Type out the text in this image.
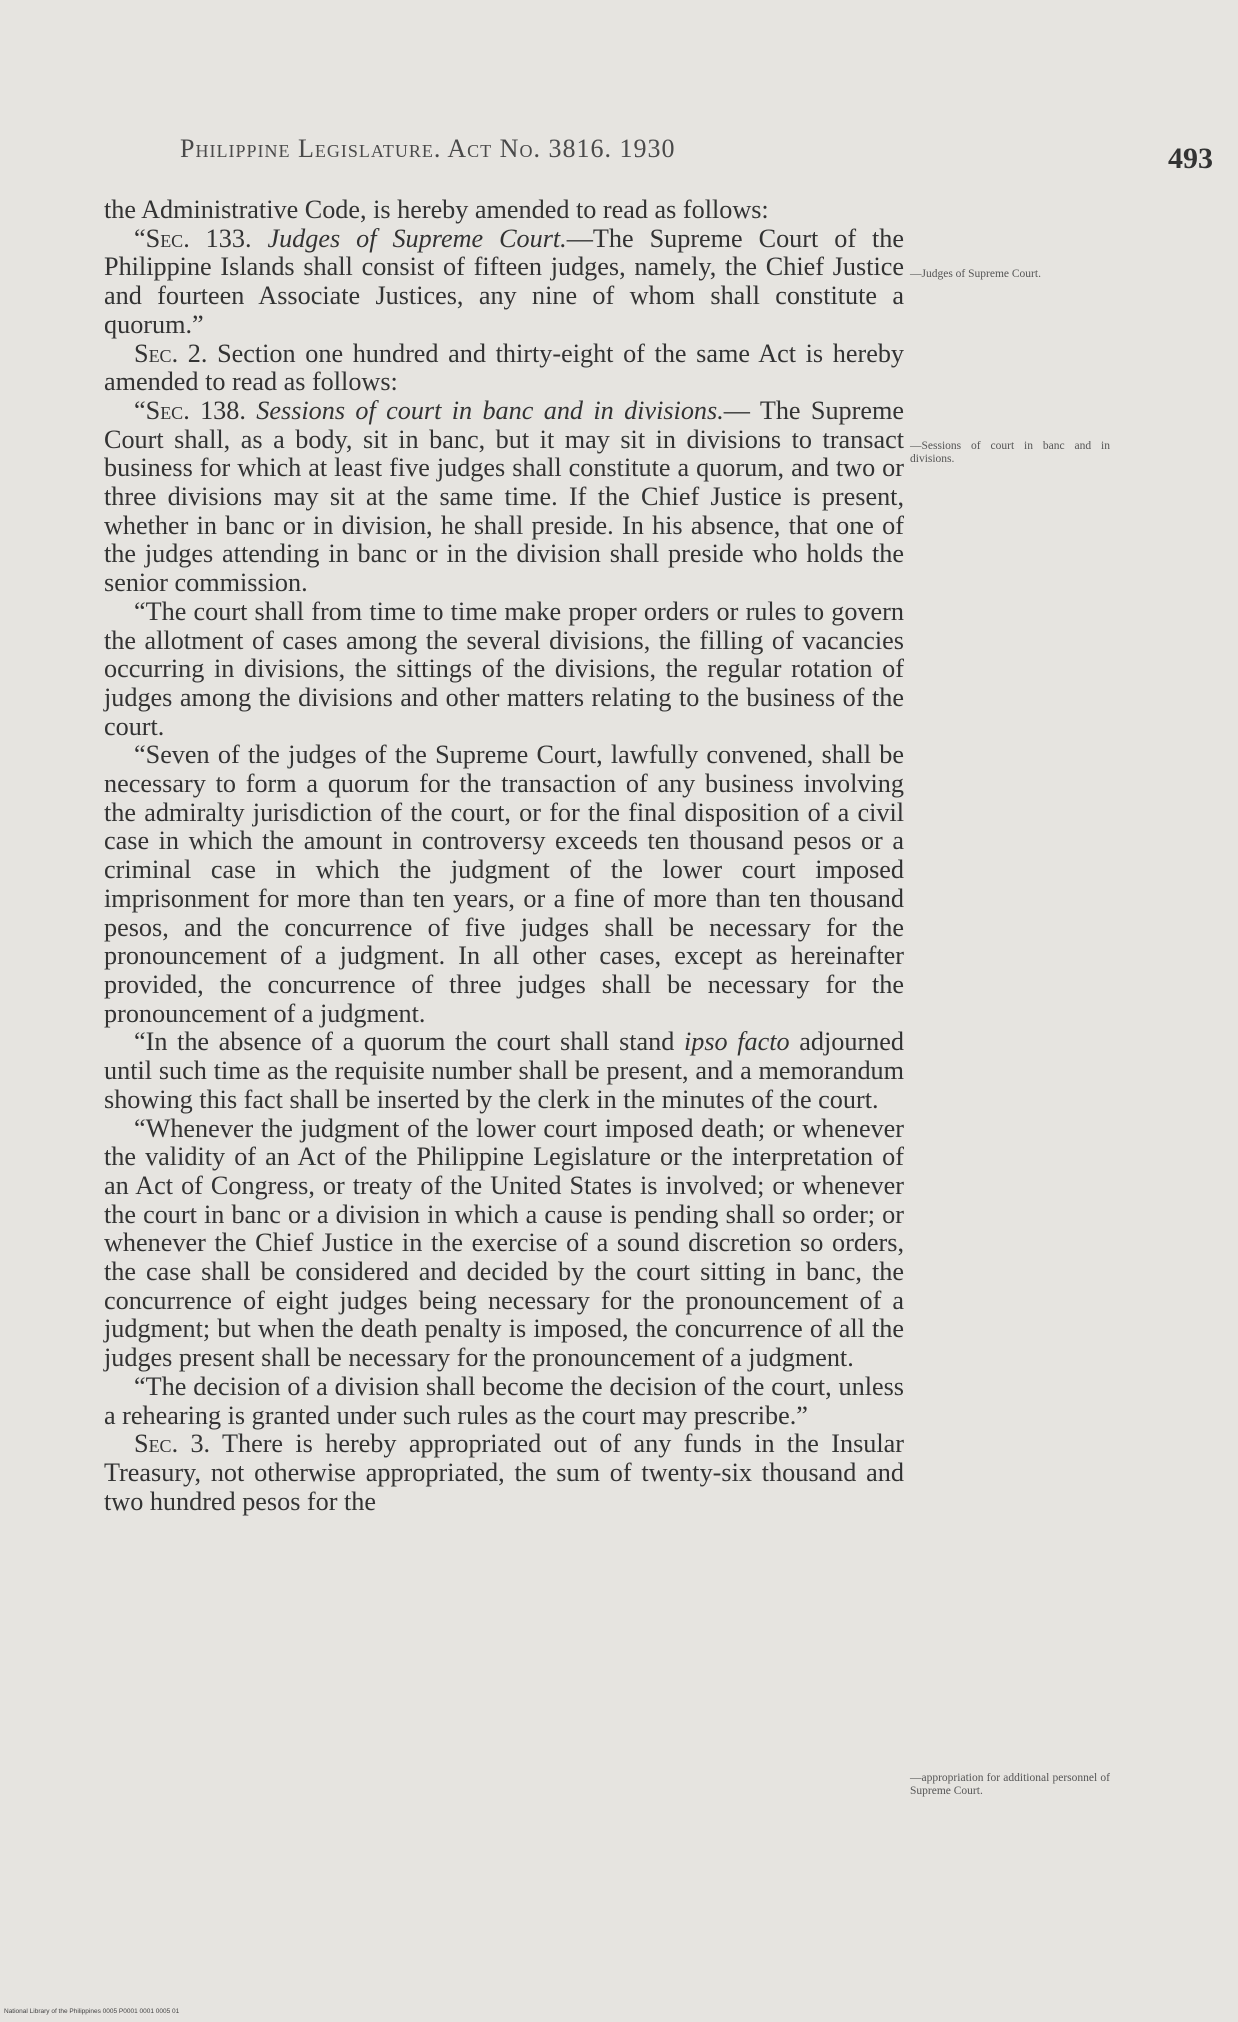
Philippine Legislature. Act No. 3816. 1930	493

the Administrative Code, is hereby amended to read as follows:

“Sec. 133. Judges of Supreme Court.—The Supreme Court of the Philippine Islands shall consist of fifteen judges, namely, the Chief Justice and fourteen Associate Justices, any nine of whom shall constitute a quorum.”

Sec. 2. Section one hundred and thirty-eight of the same Act is hereby amended to read as follows:

“Sec. 138. Sessions of court in banc and in divisions.— The Supreme Court shall, as a body, sit in banc, but it may sit in divisions to transact business for which at least five judges shall constitute a quorum, and two or three divisions may sit at the same time. If the Chief Justice is present, whether in banc or in division, he shall preside. In his absence, that one of the judges attending in banc or in the division shall preside who holds the senior commission.

“The court shall from time to time make proper orders or rules to govern the allotment of cases among the several divisions, the filling of vacancies occurring in divisions, the sittings of the divisions, the regular rotation of judges among the divisions and other matters relating to the business of the court.

“Seven of the judges of the Supreme Court, lawfully convened, shall be necessary to form a quorum for the transaction of any business involving the admiralty jurisdiction of the court, or for the final disposition of a civil case in which the amount in controversy exceeds ten thousand pesos or a criminal case in which the judgment of the lower court imposed imprisonment for more than ten years, or a fine of more than ten thousand pesos, and the concurrence of five judges shall be necessary for the pronouncement of a judgment. In all other cases, except as hereinafter provided, the concurrence of three judges shall be necessary for the pronouncement of a judgment.

“In the absence of a quorum the court shall stand ipso facto adjourned until such time as the requisite number shall be present, and a memorandum showing this fact shall be inserted by the clerk in the minutes of the court.

“Whenever the judgment of the lower court imposed death; or whenever the validity of an Act of the Philippine Legislature or the interpretation of an Act of Congress, or treaty of the United States is involved; or whenever the court in banc or a division in which a cause is pending shall so order; or whenever the Chief Justice in the exercise of a sound discretion so orders, the case shall be considered and decided by the court sitting in banc, the concurrence of eight judges being necessary for the pronouncement of a judgment; but when the death penalty is imposed, the concurrence of all the judges present shall be necessary for the pronouncement of a judgment.

“The decision of a division shall become the decision of the court, unless a rehearing is granted under such rules as the court may prescribe.”

Sec. 3. There is hereby appropriated out of any funds in the Insular Treasury, not otherwise appropriated, the sum of twenty-six thousand and two hundred pesos for the

—Judges of Supreme Court.
—Sessions of court in banc and in divisions.
—appropriation for additional personnel of Supreme Court.
National Library of the Philippines 0005 P0001 0001 0005 01
